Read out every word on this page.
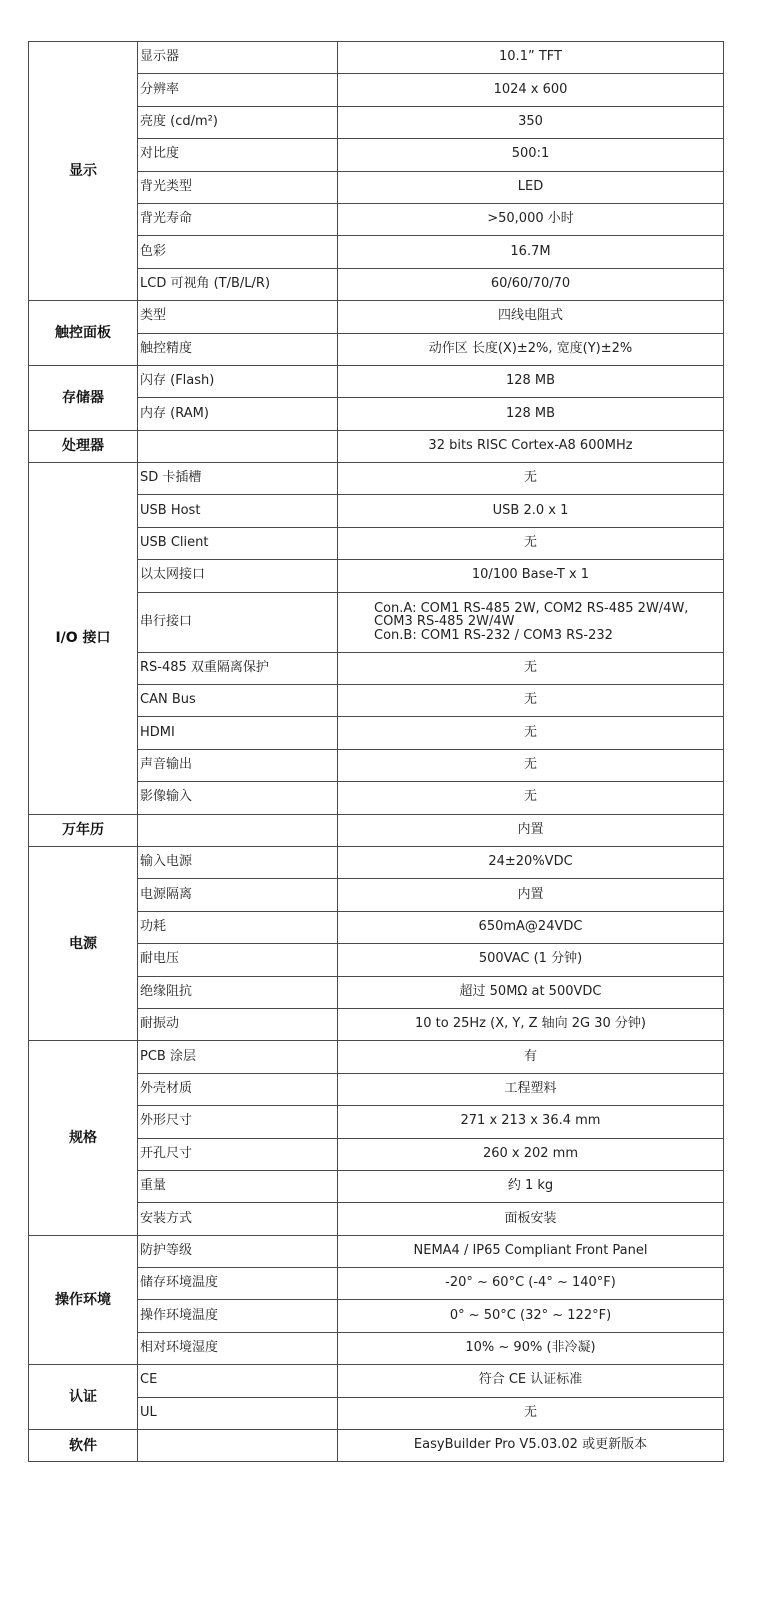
显示	显示器	10.1” TFT
	分辨率	1024 x 600
	亮度 (cd/m²)	350
	对比度	500:1
	背光类型	LED
	背光寿命	>50,000 小时
	色彩	16.7M
	LCD 可视角 (T/B/L/R)	60/60/70/70
触控面板	类型	四线电阻式
	触控精度	动作区 长度(X)±2%, 宽度(Y)±2%
存储器	闪存 (Flash)	128 MB
	内存 (RAM)	128 MB
处理器		32 bits RISC Cortex-A8 600MHz
I/O 接口	SD 卡插槽	无
	USB Host	USB 2.0 x 1
	USB Client	无
	以太网接口	10/100 Base-T x 1
	串行接口	Con.A: COM1 RS-485 2W, COM2 RS-485 2W/4W,
COM3 RS-485 2W/4W
Con.B: COM1 RS-232 / COM3 RS-232

	RS-485 双重隔离保护	无
	CAN Bus	无
	HDMI	无
	声音输出	无
	影像输入	无
万年历		内置
电源	输入电源	24±20%VDC
	电源隔离	内置
	功耗	650mA@24VDC
	耐电压	500VAC (1 分钟)
	绝缘阻抗	超过 50MΩ at 500VDC
	耐振动	10 to 25Hz (X, Y, Z 轴向 2G 30 分钟)
规格	PCB 涂层	有
	外壳材质	工程塑料
	外形尺寸	271 x 213 x 36.4 mm
	开孔尺寸	260 x 202 mm
	重量	约 1 kg
	安装方式	面板安装
操作环境	防护等级	NEMA4 / IP65 Compliant Front Panel
	储存环境温度	-20° ~ 60°C (-4° ~ 140°F)
	操作环境温度	0° ~ 50°C (32° ~ 122°F)
	相对环境湿度	10% ~ 90% (非冷凝)
认证	CE	符合 CE 认证标准
	UL	无
软件		EasyBuilder Pro V5.03.02 或更新版本
